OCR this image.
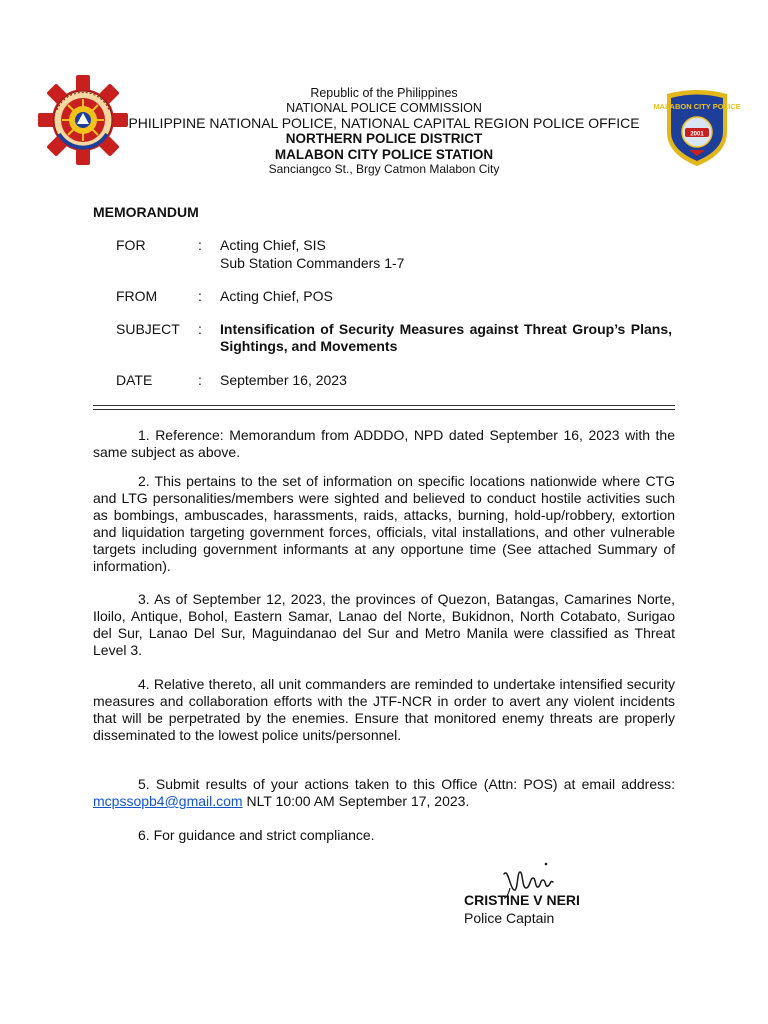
MALABON CITY POLICE
2001
Republic of the Philippines
NATIONAL POLICE COMMISSION
PHILIPPINE NATIONAL POLICE, NATIONAL CAPITAL REGION POLICE OFFICE
NORTHERN POLICE DISTRICT
MALABON CITY POLICE STATION
Sanciangco St., Brgy Catmon Malabon City
MEMORANDUM
FOR	: Acting Chief, SIS
Sub Station Commanders 1-7
FROM	: Acting Chief, POS
SUBJECT	: Intensification of Security Measures against Threat Group’s Plans, Sightings, and Movements
DATE	: September 16, 2023
1. Reference: Memorandum from ADDDO, NPD dated September 16, 2023 with the same subject as above.
2. This pertains to the set of information on specific locations nationwide where CTG and LTG personalities/members were sighted and believed to conduct hostile activities such as bombings, ambuscades, harassments, raids, attacks, burning, hold-up/robbery, extortion and liquidation targeting government forces, officials, vital installations, and other vulnerable targets including government informants at any opportune time (See attached Summary of information).
3. As of September 12, 2023, the provinces of Quezon, Batangas, Camarines Norte, Iloilo, Antique, Bohol, Eastern Samar, Lanao del Norte, Bukidnon, North Cotabato, Surigao del Sur, Lanao Del Sur, Maguindanao del Sur and Metro Manila were classified as Threat Level 3.
4. Relative thereto, all unit commanders are reminded to undertake intensified security measures and collaboration efforts with the JTF-NCR in order to avert any violent incidents that will be perpetrated by the enemies. Ensure that monitored enemy threats are properly disseminated to the lowest police units/personnel.
5. Submit results of your actions taken to this Office (Attn: POS) at email address: mcpssopb4@gmail.com NLT 10:00 AM September 17, 2023.
6. For guidance and strict compliance.
CRISTINE V NERI
Police Captain
